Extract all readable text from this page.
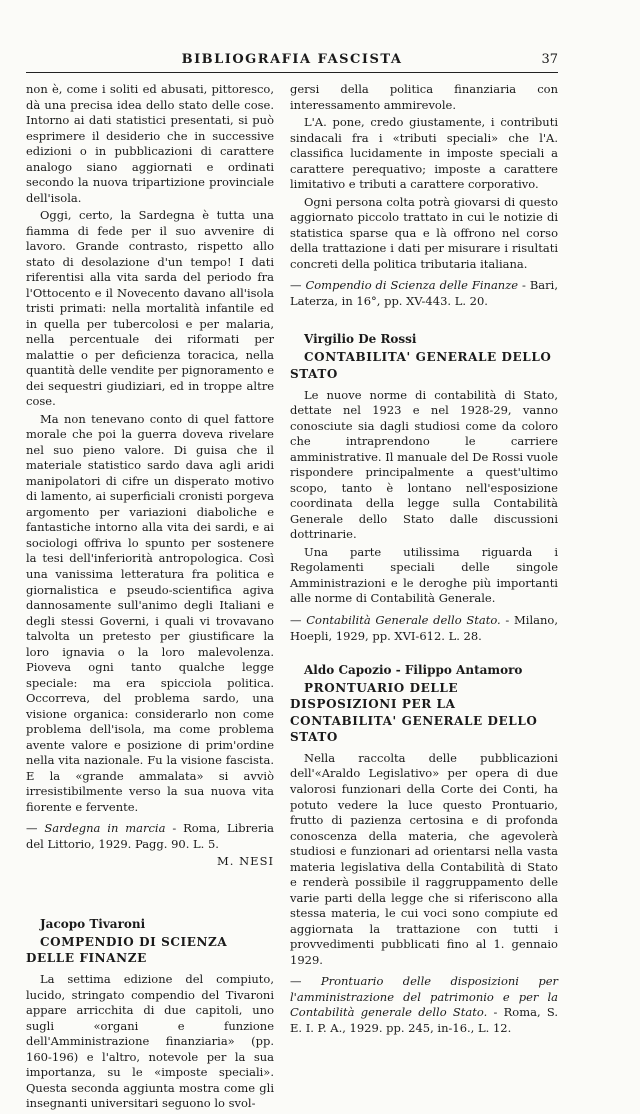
BIBLIOGRAFIA FASCISTA	37

non è, come i soliti ed abusati, pittoresco, dà una precisa idea dello stato delle cose. Intorno ai dati statistici presentati, si può esprimere il desiderio che in successive edizioni o in pubblicazioni di carattere analogo siano aggiornati e ordinati secondo la nuova tripartizione provinciale dell'isola.

Oggi, certo, la Sardegna è tutta una fiamma di fede per il suo avvenire di lavoro. Grande contrasto, rispetto allo stato di desolazione d'un tempo! I dati riferentisi alla vita sarda del periodo fra l'Ottocento e il Novecento davano all'isola tristi primati: nella mortalità infantile ed in quella per tubercolosi e per malaria, nella percentuale dei riformati per malattie o per deficienza toracica, nella quantità delle vendite per pignoramento e dei sequestri giudiziari, ed in troppe altre cose.

Ma non tenevano conto di quel fattore morale che poi la guerra doveva rivelare nel suo pieno valore. Di guisa che il materiale statistico sardo dava agli aridi manipolatori di cifre un disperato motivo di lamento, ai superficiali cronisti porgeva argomento per variazioni diaboliche e fantastiche intorno alla vita dei sardi, e ai sociologi offriva lo spunto per sostenere la tesi dell'inferiorità antropologica. Così una vanissima letteratura fra politica e giornalistica e pseudo-scientifica agiva dannosamente sull'animo degli Italiani e degli stessi Governi, i quali vi trovavano talvolta un pretesto per giustificare la loro ignavia o la loro malevolenza. Pioveva ogni tanto qualche legge speciale: ma era spicciola politica. Occorreva, del problema sardo, una visione organica: considerarlo non come problema dell'isola, ma come problema avente valore e posizione di prim'ordine nella vita nazionale. Fu la visione fascista. E la «grande ammalata» si avviò irresistibilmente verso la sua nuova vita fiorente e fervente.

— Sardegna in marcia - Roma, Libreria del Littorio, 1929. Pagg. 90. L. 5.

M. NESI

Jacopo Tivaroni

COMPENDIO DI SCIENZA DELLE FINANZE

La settima edizione del compiuto, lucido, stringato compendio del Tivaroni appare arricchita di due capitoli, uno sugli «organi e funzione dell'Amministrazione finanziaria» (pp. 160-196) e l'altro, notevole per la sua importanza, su le «imposte speciali». Questa seconda aggiunta mostra come gli insegnanti universitari seguono lo svol-

gersi della politica finanziaria con interessamento ammirevole.

L'A. pone, credo giustamente, i contributi sindacali fra i «tributi speciali» che l'A. classifica lucidamente in imposte speciali a carattere perequativo; imposte a carattere limitativo e tributi a carattere corporativo.

Ogni persona colta potrà giovarsi di questo aggiornato piccolo trattato in cui le notizie di statistica sparse qua e là offrono nel corso della trattazione i dati per misurare i risultati concreti della politica tributaria italiana.

— Compendio di Scienza delle Finanze - Bari, Laterza, in 16°, pp. XV-443. L. 20.

Virgilio De Rossi

CONTABILITA' GENERALE DELLO STATO

Le nuove norme di contabilità di Stato, dettate nel 1923 e nel 1928-29, vanno conosciute sia dagli studiosi come da coloro che intraprendono le carriere amministrative. Il manuale del De Rossi vuole rispondere principalmente a quest'ultimo scopo, tanto è lontano nell'esposizione coordinata della legge sulla Contabilità Generale dello Stato dalle discussioni dottrinarie.

Una parte utilissima riguarda i Regolamenti speciali delle singole Amministrazioni e le deroghe più importanti alle norme di Contabilità Generale.

— Contabilità Generale dello Stato. - Milano, Hoepli, 1929, pp. XVI-612. L. 28.

Aldo Capozio - Filippo Antamoro

PRONTUARIO DELLE DISPOSIZIONI PER LA CONTABILITA' GENERALE DELLO STATO

Nella raccolta delle pubblicazioni dell'«Araldo Legislativo» per opera di due valorosi funzionari della Corte dei Conti, ha potuto vedere la luce questo Prontuario, frutto di pazienza certosina e di profonda conoscenza della materia, che agevolerà studiosi e funzionari ad orientarsi nella vasta materia legislativa della Contabilità di Stato e renderà possibile il raggruppamento delle varie parti della legge che si riferiscono alla stessa materia, le cui voci sono compiute ed aggiornata la trattazione con tutti i provvedimenti pubblicati fino al 1. gennaio 1929.

— Prontuario delle disposizioni per l'amministrazione del patrimonio e per la Contabilità generale dello Stato. - Roma, S. E. I. P. A., 1929. pp. 245, in-16., L. 12.
